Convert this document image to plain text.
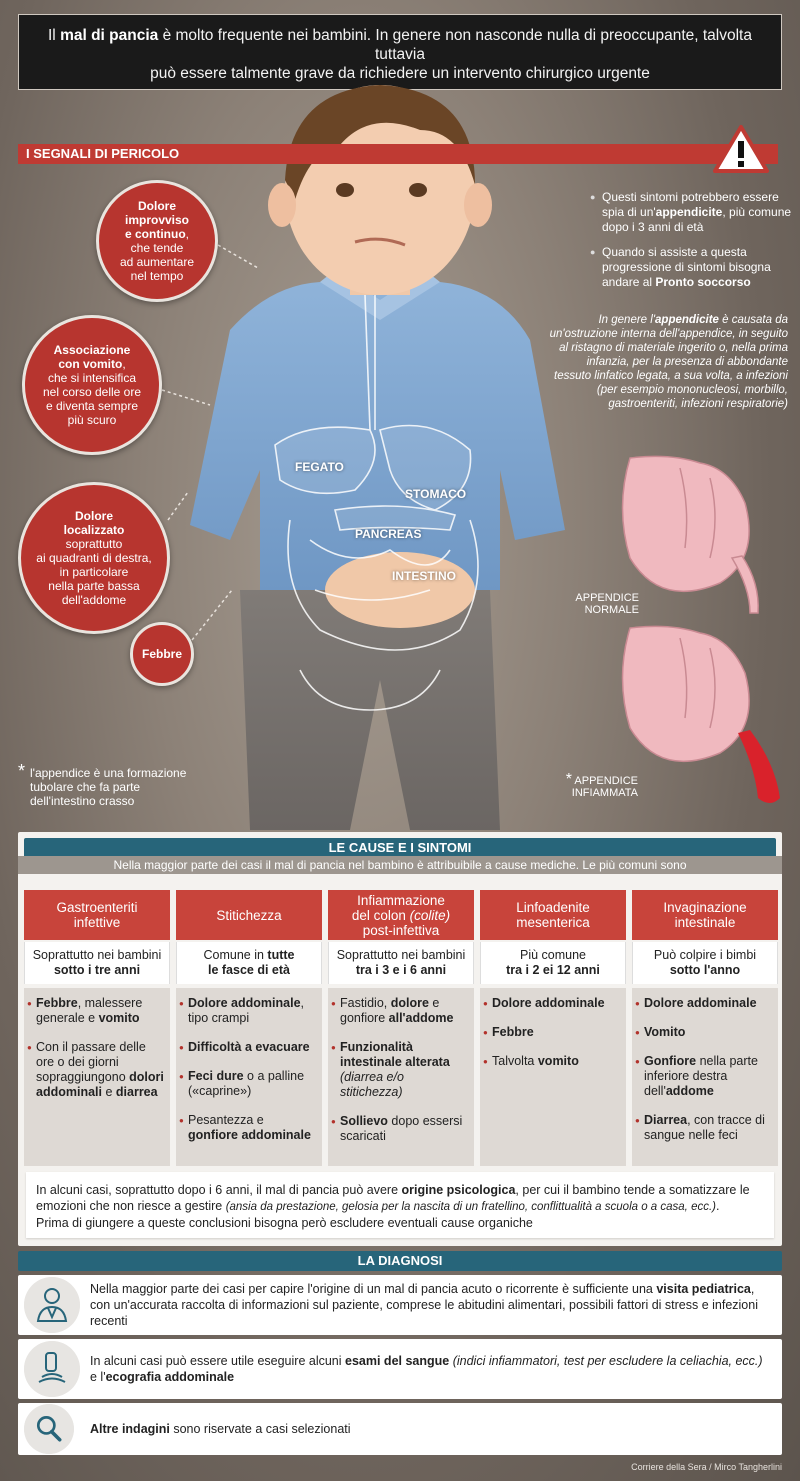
Il mal di pancia è molto frequente nei bambini. In genere non nasconde nulla di preoccupante, talvolta tuttavia
può essere talmente grave da richiedere un intervento chirurgico urgente
FEGATO
STOMACO
PANCREAS
INTESTINO
I SEGNALI DI PERICOLO
Dolore
improvviso
e continuo,
che tende
ad aumentare
nel tempo
Associazione
con vomito,
che si intensifica
nel corso delle ore
e diventa sempre
più scuro
Dolore
localizzato
soprattutto
ai quadranti di destra,
in particolare
nella parte bassa
dell'addome
Febbre

● Questi sintomi potrebbero essere spia di un'appendicite, più comune dopo i 3 anni di età

● Quando si assiste a questa progressione di sintomi bisogna andare al Pronto soccorso

In genere l'appendicite è causata da un'ostruzione interna dell'appendice, in seguito al ristagno di materiale ingerito o, nella prima infanzia, per la presenza di abbondante tessuto linfatico legata, a sua volta, a infezioni (per esempio mononucleosi, morbillo, gastroenteriti, infezioni respiratorie)
APPENDICE
NORMALE
* APPENDICE
INFIAMMATA
* l'appendice è una formazione tubolare che fa parte dell'intestino crasso
LE CAUSE E I SINTOMI
Nella maggior parte dei casi il mal di pancia nel bambino è attribuibile a cause mediche. Le più comuni sono
Gastroenteriti
infettive
Soprattutto nei bambini
sotto i tre anni

● Febbre, malessere generale e vomito

● Con il passare delle ore o dei giorni sopraggiungono dolori addominali e diarrea

Stitichezza
Comune in tutte
le fasce di età

● Dolore addominale, tipo crampi

● Difficoltà a evacuare

● Feci dure o a palline («caprine»)

● Pesantezza e gonfiore addominale

Infiammazione
del colon (colite)
post-infettiva
Soprattutto nei bambini
tra i 3 e i 6 anni

● Fastidio, dolore e gonfiore all'addome

● Funzionalità intestinale alterata (diarrea e/o stitichezza)

● Sollievo dopo essersi scaricati

Linfoadenite
mesenterica
Più comune
tra i 2 ei 12 anni

● Dolore addominale

● Febbre

● Talvolta vomito

Invaginazione
intestinale
Può colpire i bimbi
sotto l'anno

● Dolore addominale

● Vomito

● Gonfiore nella parte inferiore destra dell'addome

● Diarrea, con tracce di sangue nelle feci

In alcuni casi, soprattutto dopo i 6 anni, il mal di pancia può avere origine psicologica, per cui il bambino tende a somatizzare le emozioni che non riesce a gestire (ansia da prestazione, gelosia per la nascita di un fratellino, conflittualità a scuola o a casa, ecc.).
Prima di giungere a queste conclusioni bisogna però escludere eventuali cause organiche
LA DIAGNOSI
Nella maggior parte dei casi per capire l'origine di un mal di pancia acuto o ricorrente è sufficiente una visita pediatrica, con un'accurata raccolta di informazioni sul paziente, comprese le abitudini alimentari, possibili fattori di stress e infezioni recenti
In alcuni casi può essere utile eseguire alcuni esami del sangue (indici infiammatori, test per escludere la celiachia, ecc.)
e l'ecografia addominale
Altre indagini sono riservate a casi selezionati
Corriere della Sera / Mirco Tangherlini
